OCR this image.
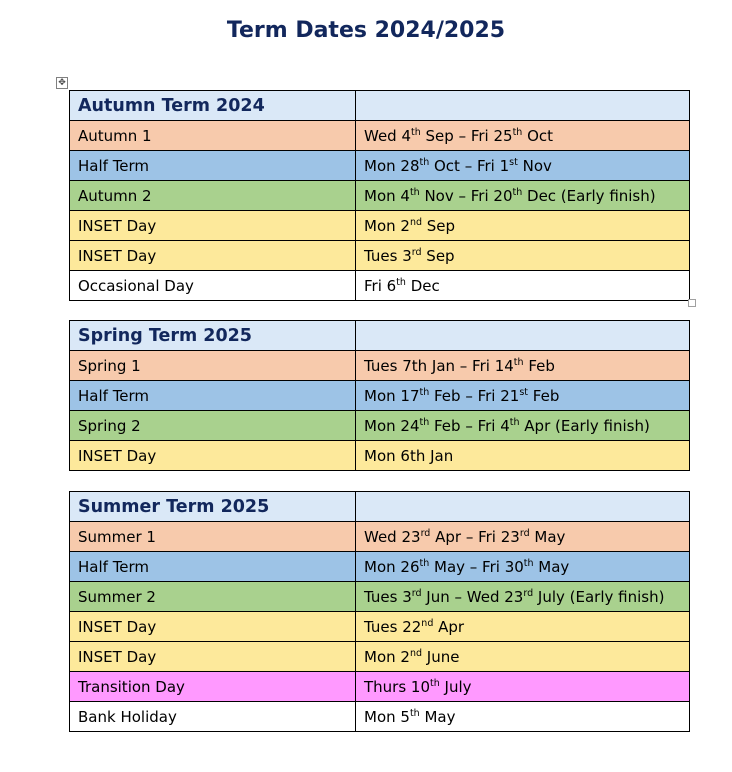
Term Dates 2024/2025
✥
Autumn Term 2024	
Autumn 1	Wed 4th Sep – Fri 25th Oct
Half Term	Mon 28th Oct – Fri 1st Nov
Autumn 2	Mon 4th Nov – Fri 20th Dec (Early finish)
INSET Day	Mon 2nd Sep
INSET Day	Tues 3rd Sep
Occasional Day	Fri 6th Dec
Spring Term 2025	
Spring 1	Tues 7th Jan – Fri 14th Feb
Half Term	Mon 17th Feb – Fri 21st Feb
Spring 2	Mon 24th Feb – Fri 4th Apr (Early finish)
INSET Day	Mon 6th Jan
Summer Term 2025	
Summer 1	Wed 23rd Apr – Fri 23rd May
Half Term	Mon 26th May – Fri 30th May
Summer 2	Tues 3rd Jun – Wed 23rd July (Early finish)
INSET Day	Tues 22nd Apr
INSET Day	Mon 2nd June
Transition Day	Thurs 10th July
Bank Holiday	Mon 5th May
